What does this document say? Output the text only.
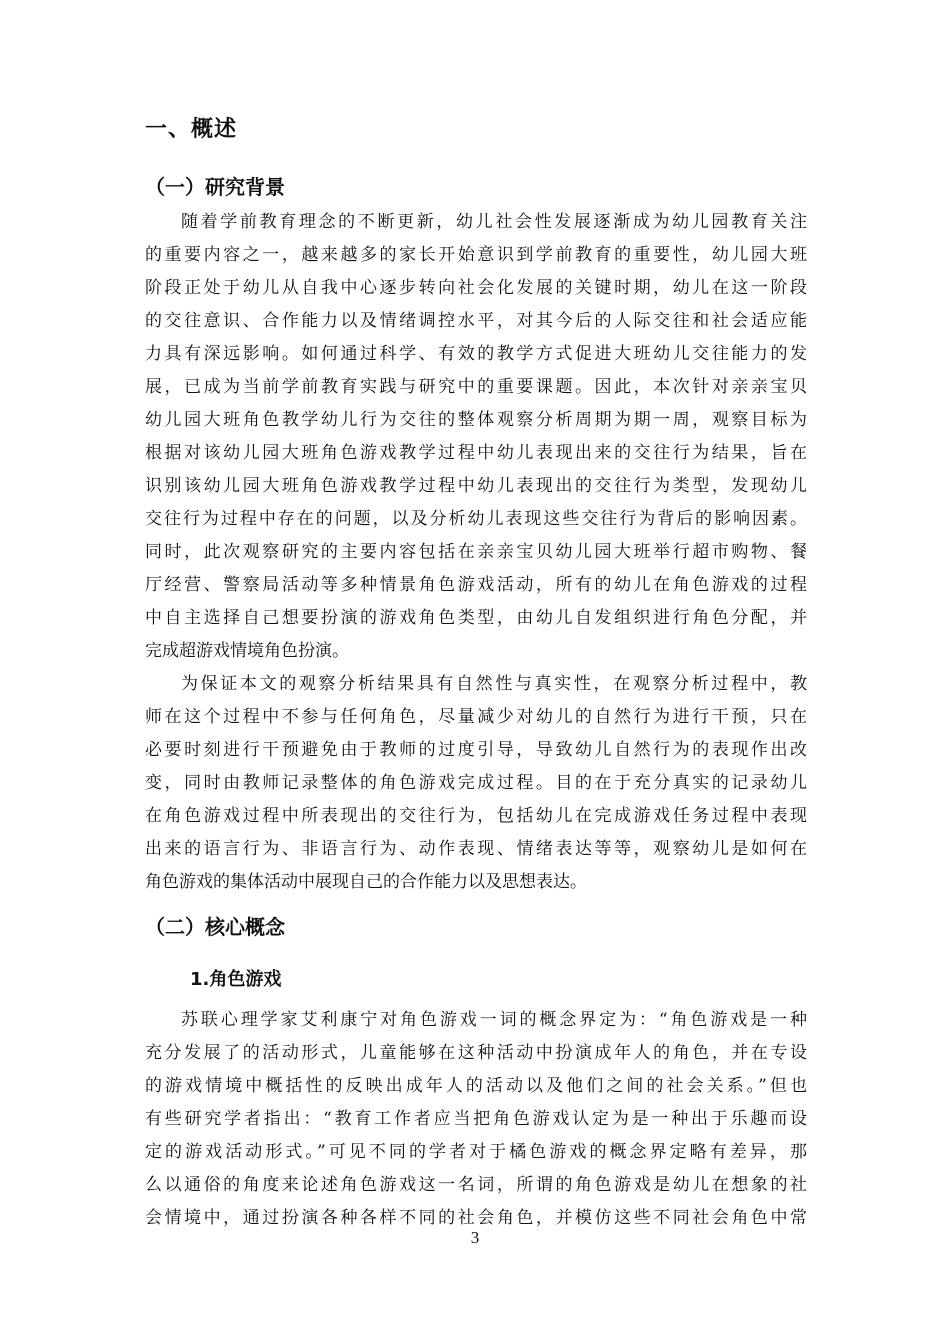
一、概述
（一）研究背景
随着学前教育理念的不断更新，幼儿社会性发展逐渐成为幼儿园教育关注
的重要内容之一，越来越多的家长开始意识到学前教育的重要性，幼儿园大班
阶段正处于幼儿从自我中心逐步转向社会化发展的关键时期，幼儿在这一阶段
的交往意识、合作能力以及情绪调控水平，对其今后的人际交往和社会适应能
力具有深远影响。如何通过科学、有效的教学方式促进大班幼儿交往能力的发
展，已成为当前学前教育实践与研究中的重要课题。因此，本次针对亲亲宝贝
幼儿园大班角色教学幼儿行为交往的整体观察分析周期为期一周，观察目标为
根据对该幼儿园大班角色游戏教学过程中幼儿表现出来的交往行为结果，旨在
识别该幼儿园大班角色游戏教学过程中幼儿表现出的交往行为类型，发现幼儿
交往行为过程中存在的问题，以及分析幼儿表现这些交往行为背后的影响因素。
同时，此次观察研究的主要内容包括在亲亲宝贝幼儿园大班举行超市购物、餐
厅经营、警察局活动等多种情景角色游戏活动，所有的幼儿在角色游戏的过程
中自主选择自己想要扮演的游戏角色类型，由幼儿自发组织进行角色分配，并
完成超游戏情境角色扮演。
为保证本文的观察分析结果具有自然性与真实性，在观察分析过程中，教
师在这个过程中不参与任何角色，尽量减少对幼儿的自然行为进行干预，只在
必要时刻进行干预避免由于教师的过度引导，导致幼儿自然行为的表现作出改
变，同时由教师记录整体的角色游戏完成过程。目的在于充分真实的记录幼儿
在角色游戏过程中所表现出的交往行为，包括幼儿在完成游戏任务过程中表现
出来的语言行为、非语言行为、动作表现、情绪表达等等，观察幼儿是如何在
角色游戏的集体活动中展现自己的合作能力以及思想表达。
（二）核心概念
1.角色游戏
苏联心理学家艾利康宁对角色游戏一词的概念界定为：“角色游戏是一种
充分发展了的活动形式，儿童能够在这种活动中扮演成年人的角色，并在专设
的游戏情境中概括性的反映出成年人的活动以及他们之间的社会关系。”但也
有些研究学者指出：“教育工作者应当把角色游戏认定为是一种出于乐趣而设
定的游戏活动形式。”可见不同的学者对于橘色游戏的概念界定略有差异，那
么以通俗的角度来论述角色游戏这一名词，所谓的角色游戏是幼儿在想象的社
会情境中，通过扮演各种各样不同的社会角色，并模仿这些不同社会角色中常
3
